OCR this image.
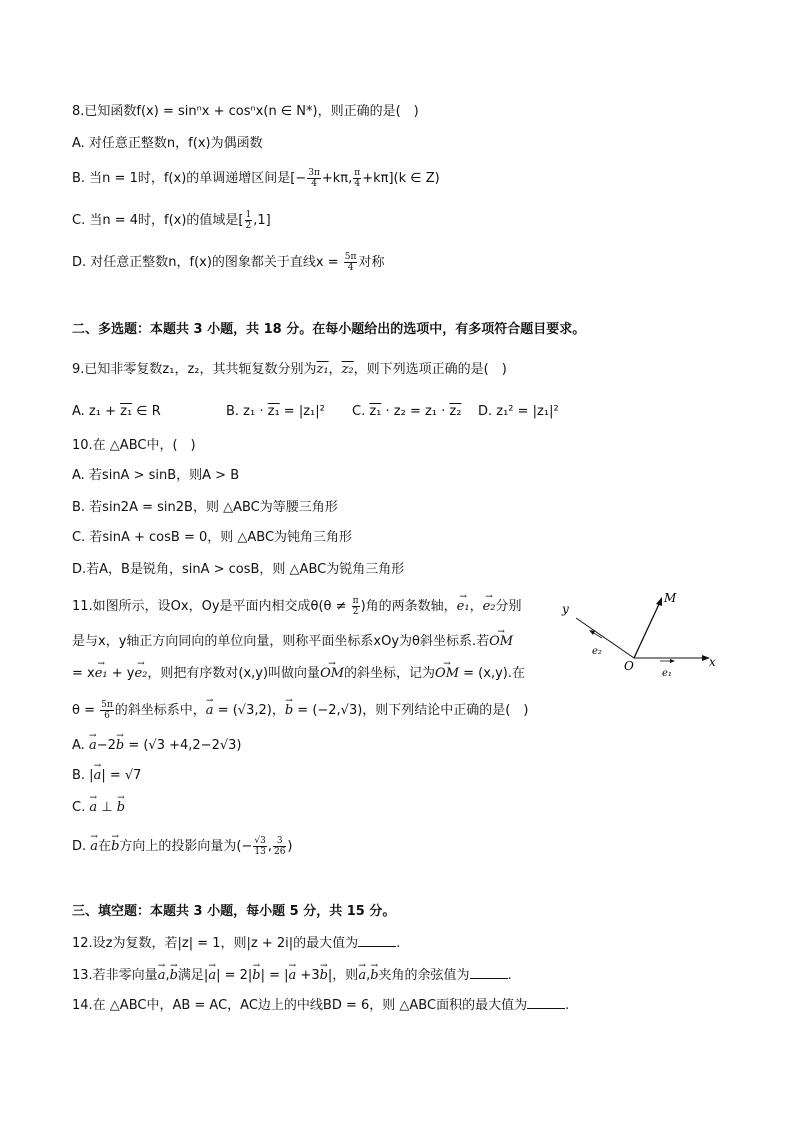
8.已知函数f(x) = sinⁿx + cosⁿx(n ∈ N*)，则正确的是(　)
A. 对任意正整数n，f(x)为偶函数
B. 当n = 1时，f(x)的单调递增区间是[− $\frac{3\pi}{4} +k\pi$, $\frac{\pi}{4} +k\pi](k$ ∈ Z)
C. 当n = 4时，f(x)的值域是[ $\frac{1}{2} ,1$]
D. 对任意正整数n，f(x)的图象都关于直线$x = \frac{5\pi}{4}$ 对称
二、多选题：本题共 3 小题，共 18 分。在每小题给出的选项中，有多项符合题目要求。
9.已知非零复数z₁，z₂，其共轭复数分别为z₁，z₂，则下列选项正确的是(　)
A. z₁ + z₁ ∈ R	B. z₁ · z₁ = |z₁|² C. z₁ · z₂ = z₁ · z₂ D. z₁² = |z₁|²
10.在 △ABC中，(　)
A. 若sinA > sinB，则A > B
B. 若sin2A = sin2B，则 △ABC为等腰三角形
C. 若sinA + cosB = 0，则 △ABC为钝角三角形
D.若A，B是锐角，sinA > cosB，则 △ABC为锐角三角形
11.如图所示，设Ox，Oy是平面内相交成$\theta(\theta \ne \frac{\pi}{2}$ )角的两条数轴，→ e₁，→ e₂分别
是与x，y轴正方向同向的单位向量，则称平面坐标系xOy为θ斜坐标系.若→ OM
= x→ e₁ + y→ e₂，则把有序数对(x,y)叫做向量→ OM的斜坐标，记为→ OM = (x,y).在
$\theta = \frac{5\pi}{6}$ 的斜坐标系中，→ a = (√3,2)，→ b = (−2,√3)，则下列结论中正确的是(　)
A. → a−2→ b = (√3 +4,2−2√3)
B. |→ a| = √7
C. → a ⊥ → b
D. → a在→ b方向上的投影向量为(− $\frac{√3}{13}$ , $\frac{3}{26}$ )
y
M
x
O
e₂
e₁
三、填空题：本题共 3 小题，每小题 5 分，共 15 分。
12.设z为复数，若|z| = 1，则|z + 2i|的最大值为	.
13.若非零向量→ a,→ b满足|→ a| = 2|→ b| = |→ a +3→ b|，则→ a,→ b夹角的余弦值为	.
14.在 △ABC中，AB = AC，AC边上的中线BD = 6，则 △ABC面积的最大值为	.
